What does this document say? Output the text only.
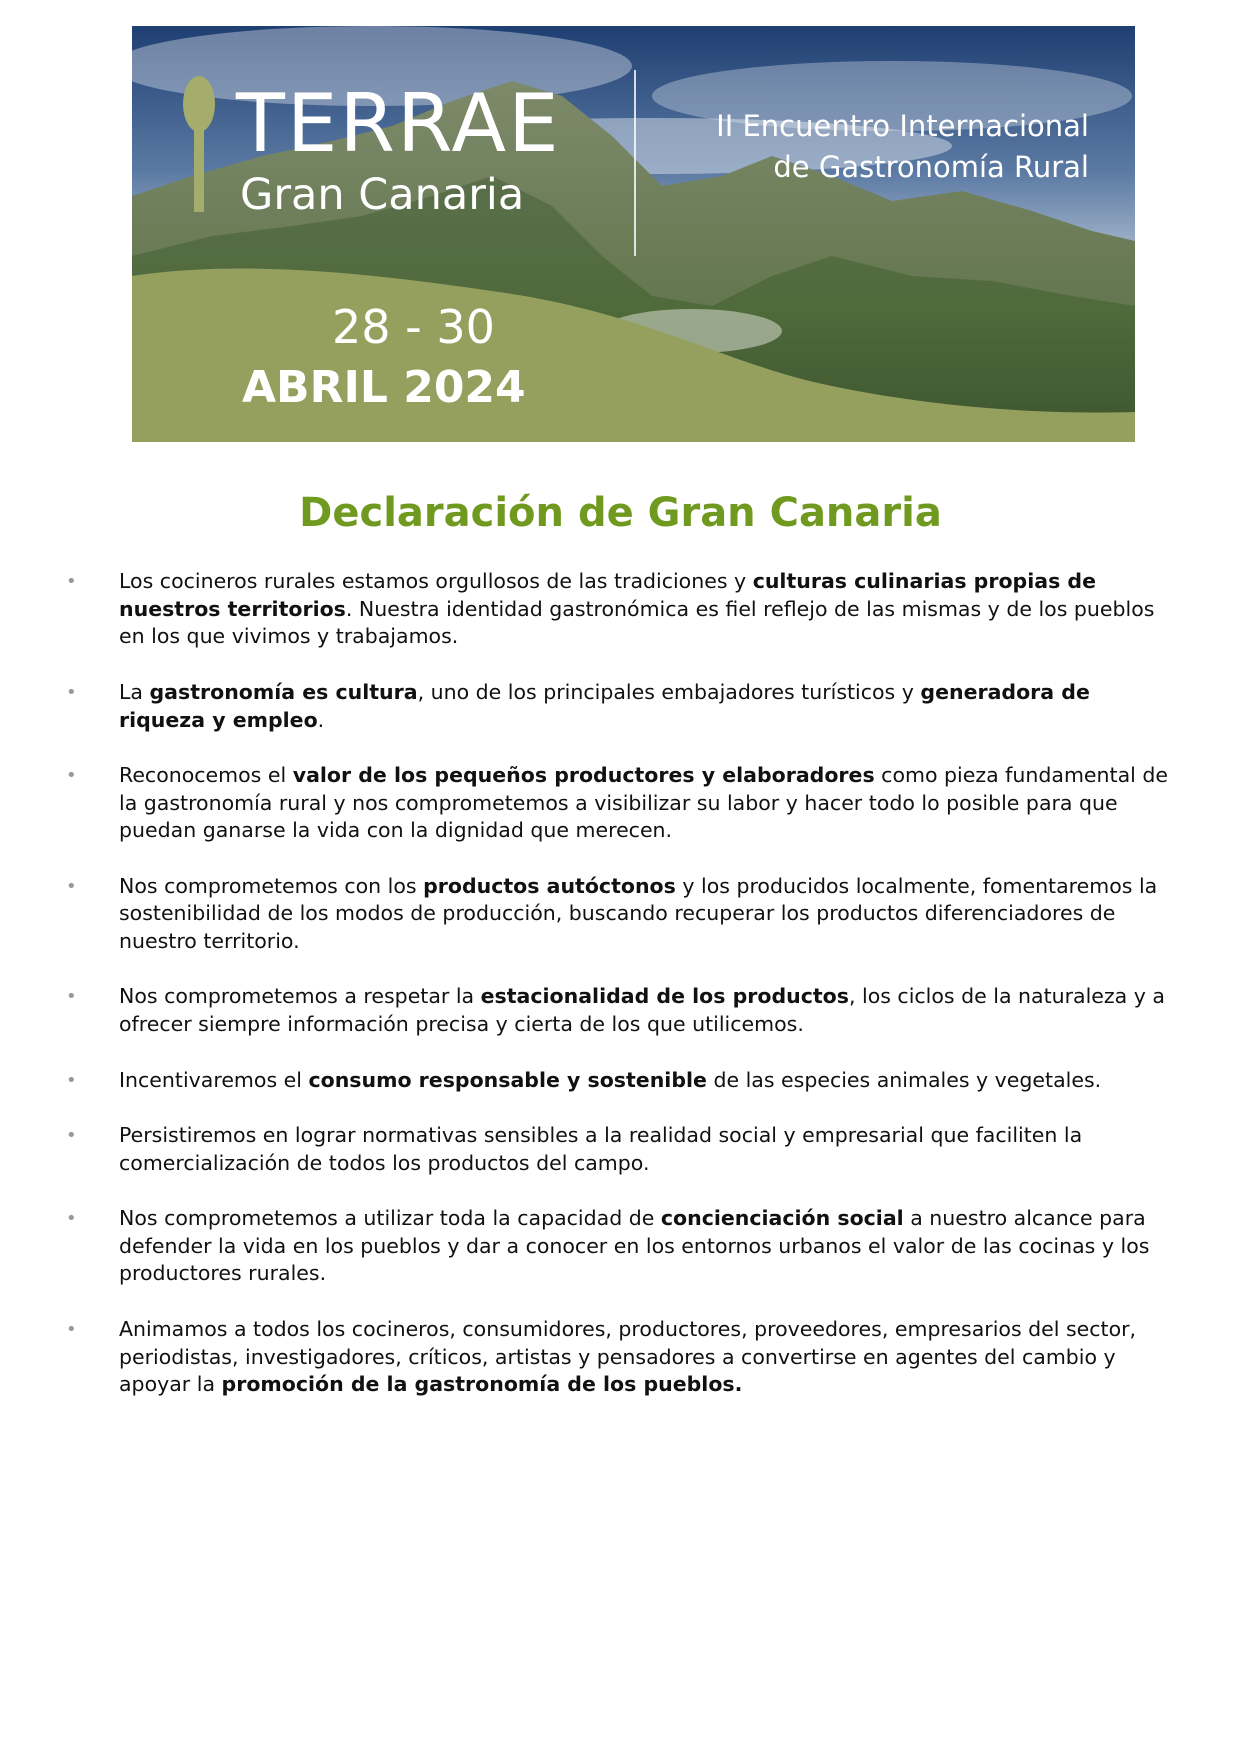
TERRAE
Gran Canaria
II Encuentro Internacional
de Gastronomía Rural
28 - 30
ABRIL 2024
Declaración de Gran Canaria
• Los cocineros rurales estamos orgullosos de las tradiciones y culturas culinarias propias de nuestros territorios. Nuestra identidad gastronómica es fiel reflejo de las mismas y de los pueblos en los que vivimos y trabajamos.
• La gastronomía es cultura, uno de los principales embajadores turísticos y generadora de riqueza y empleo.
• Reconocemos el valor de los pequeños productores y elaboradores como pieza fundamental de la gastronomía rural y nos comprometemos a visibilizar su labor y hacer todo lo posible para que puedan ganarse la vida con la dignidad que merecen.
• Nos comprometemos con los productos autóctonos y los producidos localmente, fomentaremos la sostenibilidad de los modos de producción, buscando recuperar los productos diferenciadores de nuestro territorio.
• Nos comprometemos a respetar la estacionalidad de los productos, los ciclos de la naturaleza y a ofrecer siempre información precisa y cierta de los que utilicemos.
• Incentivaremos el consumo responsable y sostenible de las especies animales y vegetales.
• Persistiremos en lograr normativas sensibles a la realidad social y empresarial que faciliten la comercialización de todos los productos del campo.
• Nos comprometemos a utilizar toda la capacidad de concienciación social a nuestro alcance para defender la vida en los pueblos y dar a conocer en los entornos urbanos el valor de las cocinas y los productores rurales.
• Animamos a todos los cocineros, consumidores, productores, proveedores, empresarios del sector, periodistas, investigadores, críticos, artistas y pensadores a convertirse en agentes del cambio y apoyar la promoción de la gastronomía de los pueblos.
